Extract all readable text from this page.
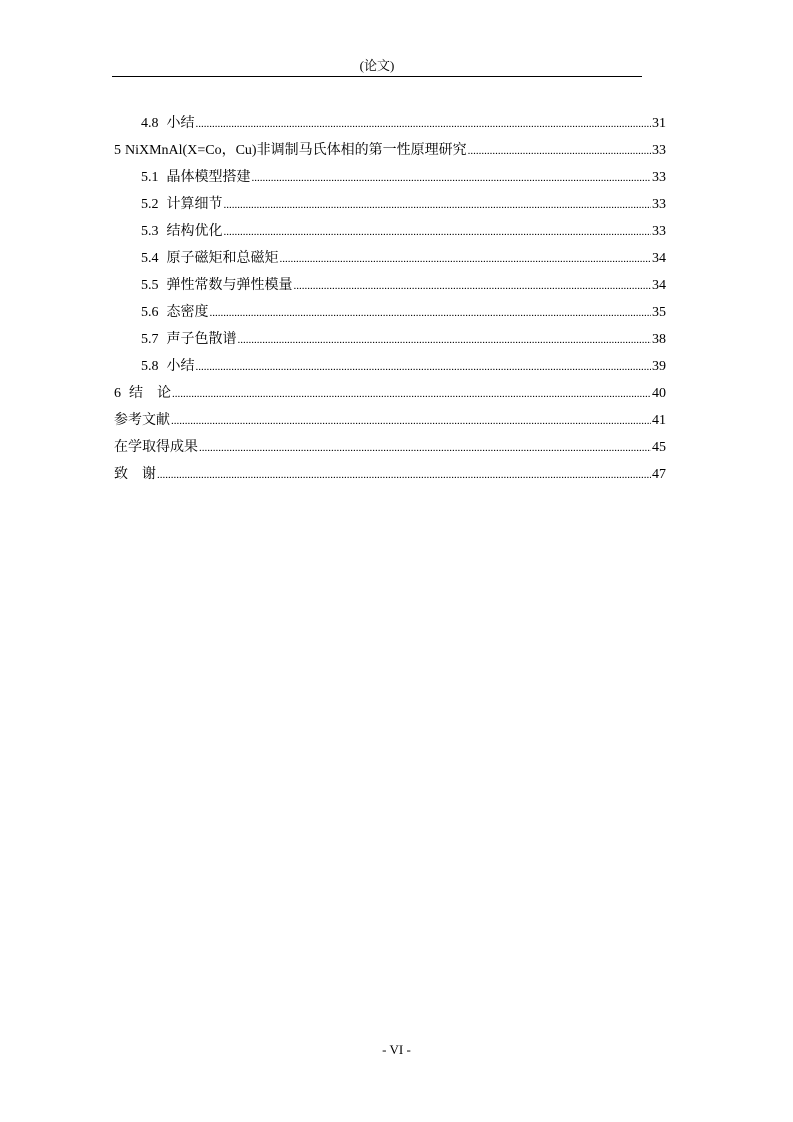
(论文)
4.8 小结 .....	31
5 NiXMnAl(X=Co，Cu)非调制马氏体相的第一性原理研究 .....	33
5.1 晶体模型搭建 .....	33
5.2 计算细节 .....	33
5.3 结构优化 .....	33
5.4 原子磁矩和总磁矩 .....	34
5.5 弹性常数与弹性模量 .....	34
5.6 态密度 .....	35
5.7 声子色散谱 .....	38
5.8 小结 .....	39
6 结　论 .....	40
参考文献 .....	41
在学取得成果 .....	45
致　谢 .....	47
- VI -
